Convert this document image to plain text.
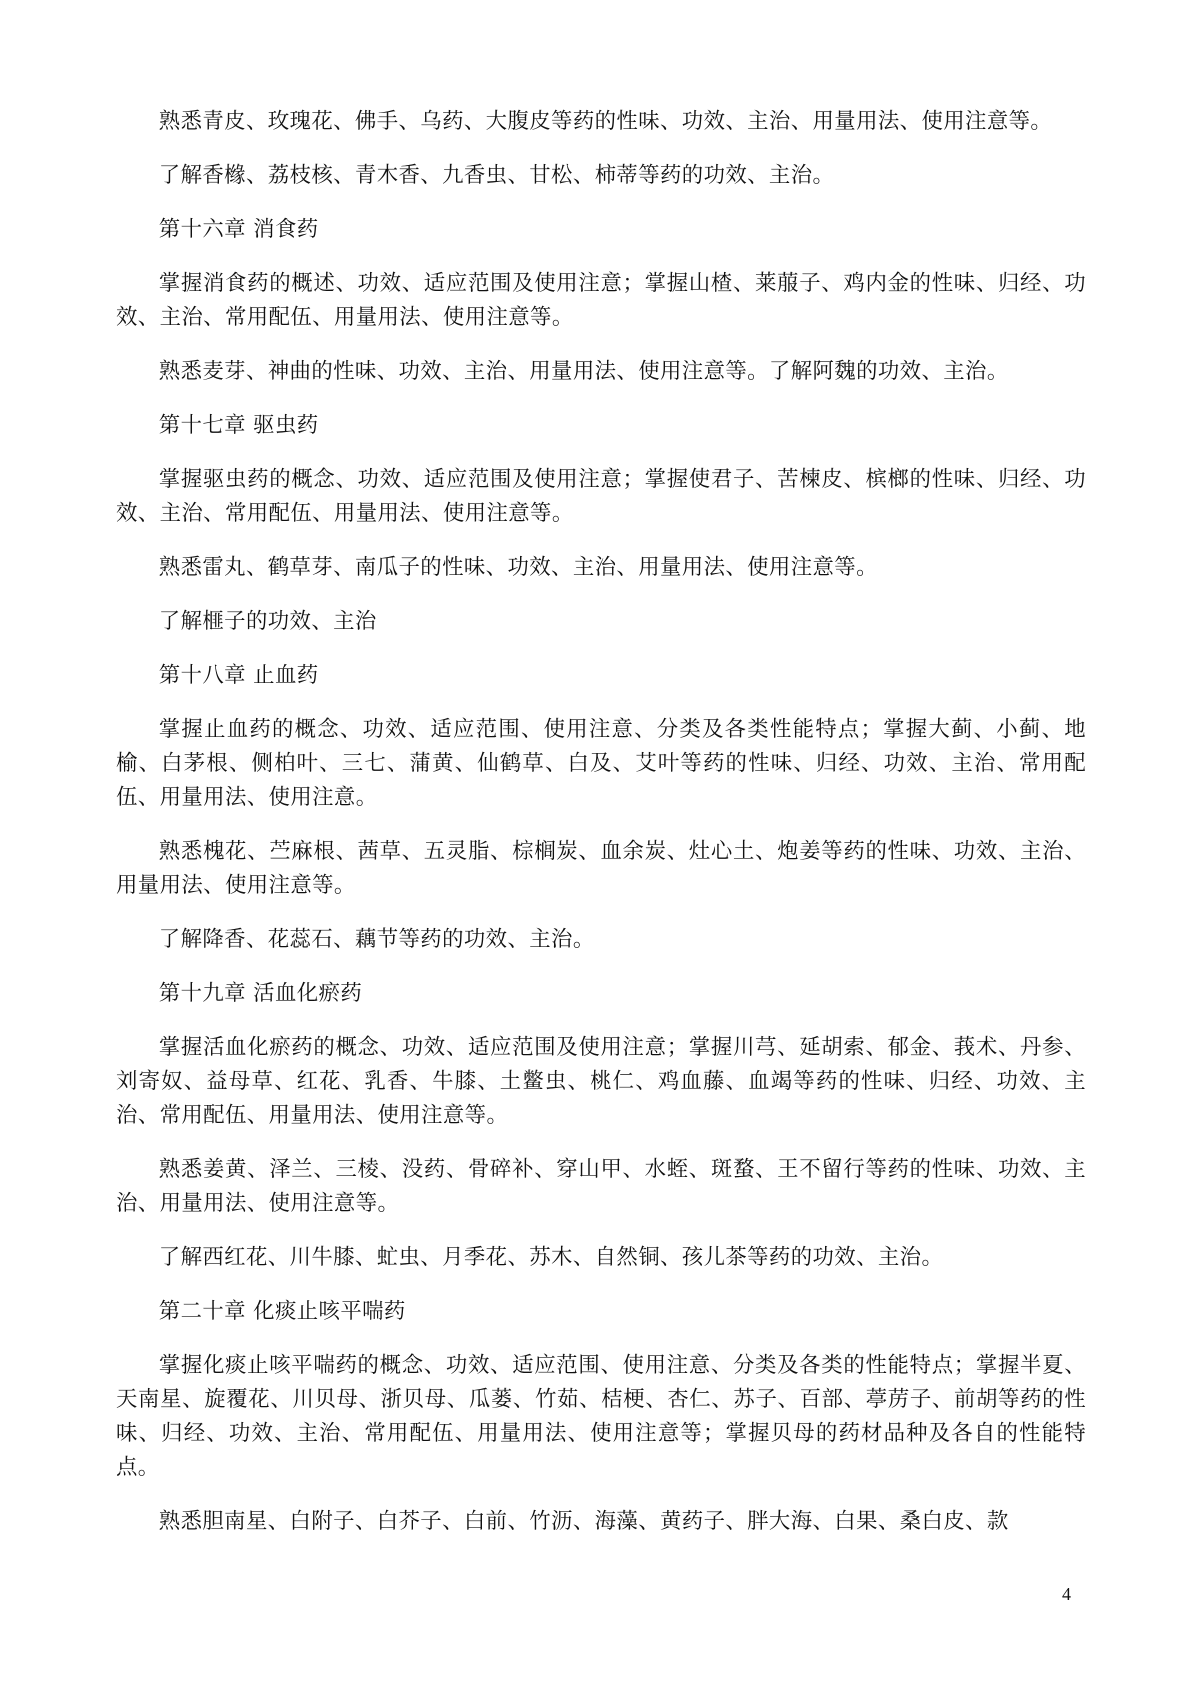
熟悉青皮、玫瑰花、佛手、乌药、大腹皮等药的性味、功效、主治、用量用法、使用注意等。

了解香橼、荔枝核、青木香、九香虫、甘松、柿蒂等药的功效、主治。

第十六章 消食药

掌握消食药的概述、功效、适应范围及使用注意；掌握山楂、莱菔子、鸡内金的性味、归经、功效、主治、常用配伍、用量用法、使用注意等。

熟悉麦芽、神曲的性味、功效、主治、用量用法、使用注意等。了解阿魏的功效、主治。

第十七章 驱虫药

掌握驱虫药的概念、功效、适应范围及使用注意；掌握使君子、苦楝皮、槟榔的性味、归经、功效、主治、常用配伍、用量用法、使用注意等。

熟悉雷丸、鹤草芽、南瓜子的性味、功效、主治、用量用法、使用注意等。

了解榧子的功效、主治

第十八章 止血药

掌握止血药的概念、功效、适应范围、使用注意、分类及各类性能特点；掌握大蓟、小蓟、地榆、白茅根、侧柏叶、三七、蒲黄、仙鹤草、白及、艾叶等药的性味、归经、功效、主治、常用配伍、用量用法、使用注意。

熟悉槐花、苎麻根、茜草、五灵脂、棕榈炭、血余炭、灶心土、炮姜等药的性味、功效、主治、用量用法、使用注意等。

了解降香、花蕊石、藕节等药的功效、主治。

第十九章 活血化瘀药

掌握活血化瘀药的概念、功效、适应范围及使用注意；掌握川芎、延胡索、郁金、莪术、丹参、刘寄奴、益母草、红花、乳香、牛膝、土鳖虫、桃仁、鸡血藤、血竭等药的性味、归经、功效、主治、常用配伍、用量用法、使用注意等。

熟悉姜黄、泽兰、三棱、没药、骨碎补、穿山甲、水蛭、斑蝥、王不留行等药的性味、功效、主治、用量用法、使用注意等。

了解西红花、川牛膝、虻虫、月季花、苏木、自然铜、孩儿茶等药的功效、主治。

第二十章 化痰止咳平喘药

掌握化痰止咳平喘药的概念、功效、适应范围、使用注意、分类及各类的性能特点；掌握半夏、天南星、旋覆花、川贝母、浙贝母、瓜蒌、竹茹、桔梗、杏仁、苏子、百部、葶苈子、前胡等药的性味、归经、功效、主治、常用配伍、用量用法、使用注意等；掌握贝母的药材品种及各自的性能特点。

熟悉胆南星、白附子、白芥子、白前、竹沥、海藻、黄药子、胖大海、白果、桑白皮、款

4
